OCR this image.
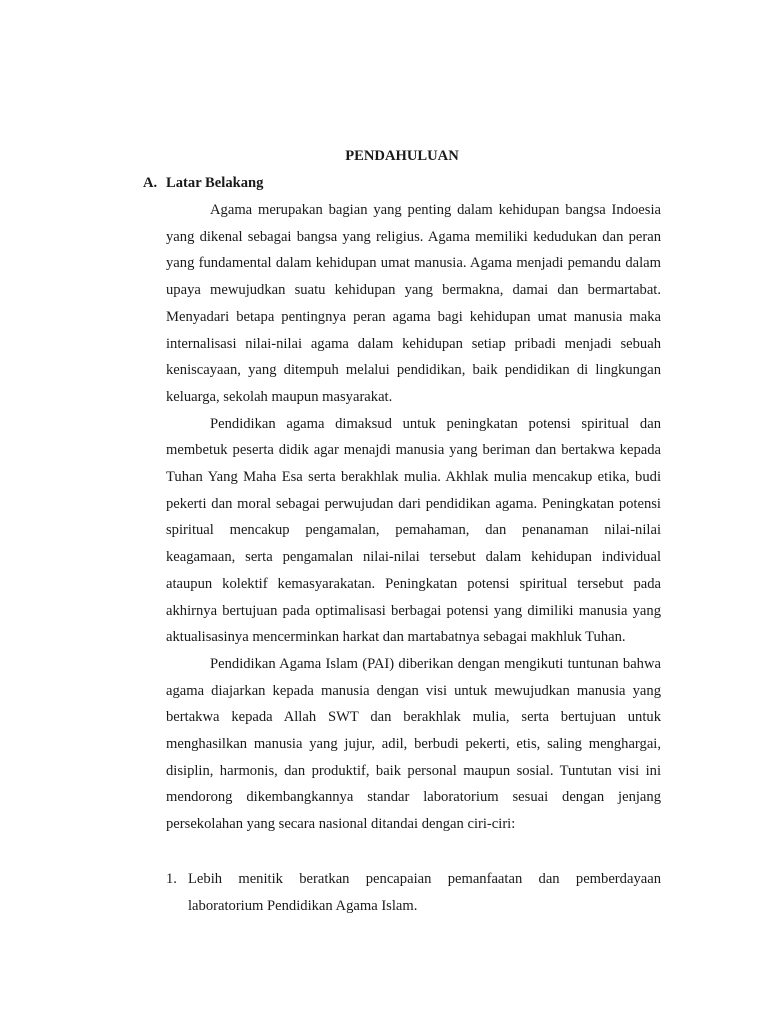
PENDAHULUAN
A. Latar Belakang

Agama merupakan bagian yang penting dalam kehidupan bangsa Indoesia yang dikenal sebagai bangsa yang religius. Agama memiliki kedudukan dan peran yang fundamental dalam kehidupan umat manusia. Agama menjadi pemandu dalam upaya mewujudkan suatu kehidupan yang bermakna, damai dan bermartabat. Menyadari betapa pentingnya peran agama bagi kehidupan umat manusia maka internalisasi nilai-nilai agama dalam kehidupan setiap pribadi menjadi sebuah keniscayaan, yang ditempuh melalui pendidikan, baik pendidikan di lingkungan keluarga, sekolah maupun masyarakat.

Pendidikan agama dimaksud untuk peningkatan potensi spiritual dan membetuk peserta didik agar menajdi manusia yang beriman dan bertakwa kepada Tuhan Yang Maha Esa serta berakhlak mulia. Akhlak mulia mencakup etika, budi pekerti dan moral sebagai perwujudan dari pendidikan agama. Peningkatan potensi spiritual mencakup pengamalan, pemahaman, dan penanaman nilai-nilai keagamaan, serta pengamalan nilai-nilai tersebut dalam kehidupan individual ataupun kolektif kemasyarakatan. Peningkatan potensi spiritual tersebut pada akhirnya bertujuan pada optimalisasi berbagai potensi yang dimiliki manusia yang aktualisasinya mencerminkan harkat dan martabatnya sebagai makhluk Tuhan.

Pendidikan Agama Islam (PAI) diberikan dengan mengikuti tuntunan bahwa agama diajarkan kepada manusia dengan visi untuk mewujudkan manusia yang bertakwa kepada Allah SWT dan berakhlak mulia, serta bertujuan untuk menghasilkan manusia yang jujur, adil, berbudi pekerti, etis, saling menghargai, disiplin, harmonis, dan produktif, baik personal maupun sosial. Tuntutan visi ini mendorong dikembangkannya standar laboratorium sesuai dengan jenjang persekolahan yang secara nasional ditandai dengan ciri-ciri:

1. Lebih menitik beratkan pencapaian pemanfaatan dan pemberdayaan laboratorium Pendidikan Agama Islam.
